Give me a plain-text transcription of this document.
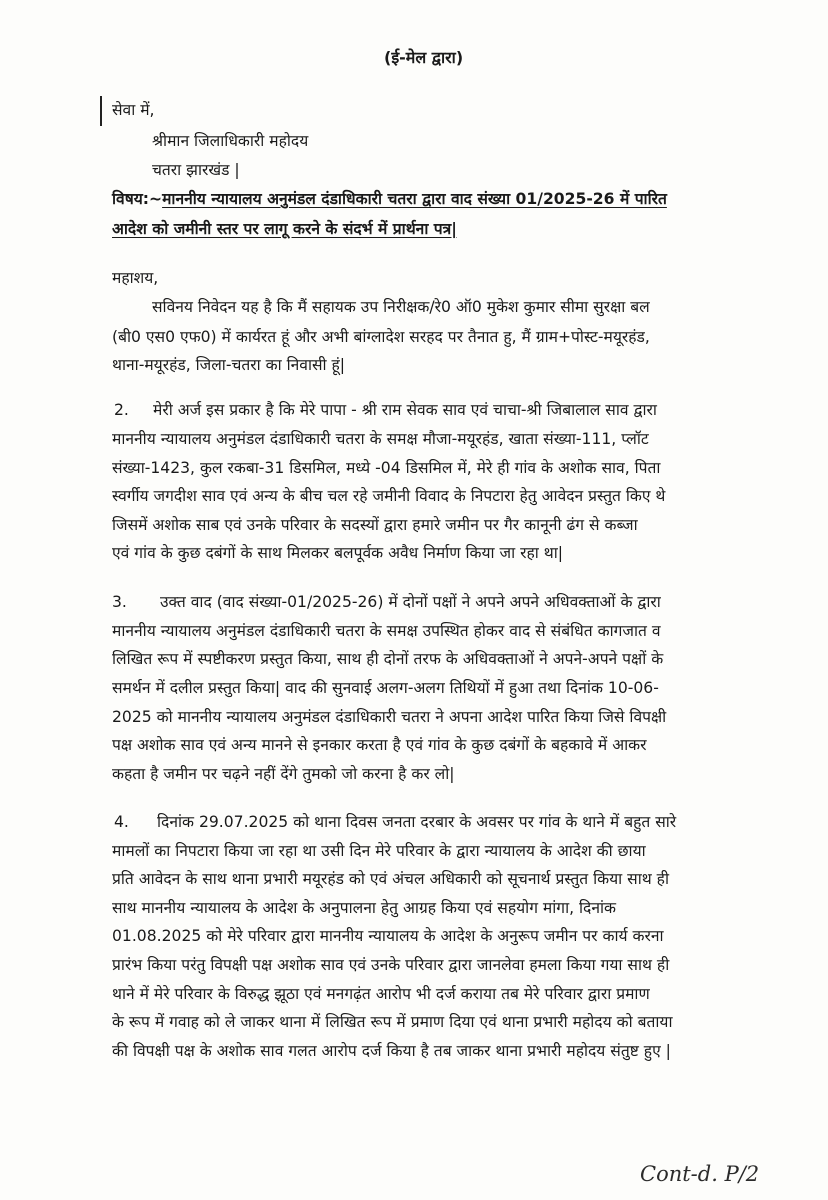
(ई-मेल द्वारा)
सेवा में,
श्रीमान जिलाधिकारी महोदय
चतरा झारखंड |
विषय:~माननीय न्यायालय अनुमंडल दंडाधिकारी चतरा द्वारा वाद संख्या 01/2025-26 में पारित
आदेश को जमीनी स्तर पर लागू करने के संदर्भ में प्रार्थना पत्र|
महाशय,
सविनय निवेदन यह है कि मैं सहायक उप निरीक्षक/रे0 ऑ0 मुकेश कुमार सीमा सुरक्षा बल
(बी0 एस0 एफ0) में कार्यरत हूं और अभी बांग्लादेश सरहद पर तैनात हु, मैं ग्राम+पोस्ट-मयूरहंड,
थाना-मयूरहंड, जिला-चतरा का निवासी हूं|
2. मेरी अर्ज इस प्रकार है कि मेरे पापा - श्री राम सेवक साव एवं चाचा-श्री जिबालाल साव द्वारा
माननीय न्यायालय अनुमंडल दंडाधिकारी चतरा के समक्ष मौजा-मयूरहंड, खाता संख्या-111, प्लॉट
संख्या-1423, कुल रकबा-31 डिसमिल, मध्ये -04 डिसमिल में, मेरे ही गांव के अशोक साव, पिता
स्वर्गीय जगदीश साव एवं अन्य के बीच चल रहे जमीनी विवाद के निपटारा हेतु आवेदन प्रस्तुत किए थे
जिसमें अशोक साब एवं उनके परिवार के सदस्यों द्वारा हमारे जमीन पर गैर कानूनी ढंग से कब्जा
एवं गांव के कुछ दबंगों के साथ मिलकर बलपूर्वक अवैध निर्माण किया जा रहा था|
3. उक्त वाद (वाद संख्या-01/2025-26) में दोनों पक्षों ने अपने अपने अधिवक्ताओं के द्वारा
माननीय न्यायालय अनुमंडल दंडाधिकारी चतरा के समक्ष उपस्थित होकर वाद से संबंधित कागजात व
लिखित रूप में स्पष्टीकरण प्रस्तुत किया, साथ ही दोनों तरफ के अधिवक्ताओं ने अपने-अपने पक्षों के
समर्थन में दलील प्रस्तुत किया| वाद की सुनवाई अलग-अलग तिथियों में हुआ तथा दिनांक 10-06-
2025 को माननीय न्यायालय अनुमंडल दंडाधिकारी चतरा ने अपना आदेश पारित किया जिसे विपक्षी
पक्ष अशोक साव एवं अन्य मानने से इनकार करता है एवं गांव के कुछ दबंगों के बहकावे में आकर
कहता है जमीन पर चढ़ने नहीं देंगे तुमको जो करना है कर लो|
4. दिनांक 29.07.2025 को थाना दिवस जनता दरबार के अवसर पर गांव के थाने में बहुत सारे
मामलों का निपटारा किया जा रहा था उसी दिन मेरे परिवार के द्वारा न्यायालय के आदेश की छाया
प्रति आवेदन के साथ थाना प्रभारी मयूरहंड को एवं अंचल अधिकारी को सूचनार्थ प्रस्तुत किया साथ ही
साथ माननीय न्यायालय के आदेश के अनुपालना हेतु आग्रह किया एवं सहयोग मांगा, दिनांक
01.08.2025 को मेरे परिवार द्वारा माननीय न्यायालय के आदेश के अनुरूप जमीन पर कार्य करना
प्रारंभ किया परंतु विपक्षी पक्ष अशोक साव एवं उनके परिवार द्वारा जानलेवा हमला किया गया साथ ही
थाने में मेरे परिवार के विरुद्ध झूठा एवं मनगढ़ंत आरोप भी दर्ज कराया तब मेरे परिवार द्वारा प्रमाण
के रूप में गवाह को ले जाकर थाना में लिखित रूप में प्रमाण दिया एवं थाना प्रभारी महोदय को बताया
की विपक्षी पक्ष के अशोक साव गलत आरोप दर्ज किया है तब जाकर थाना प्रभारी महोदय संतुष्ट हुए |
Cont-d. P/2
